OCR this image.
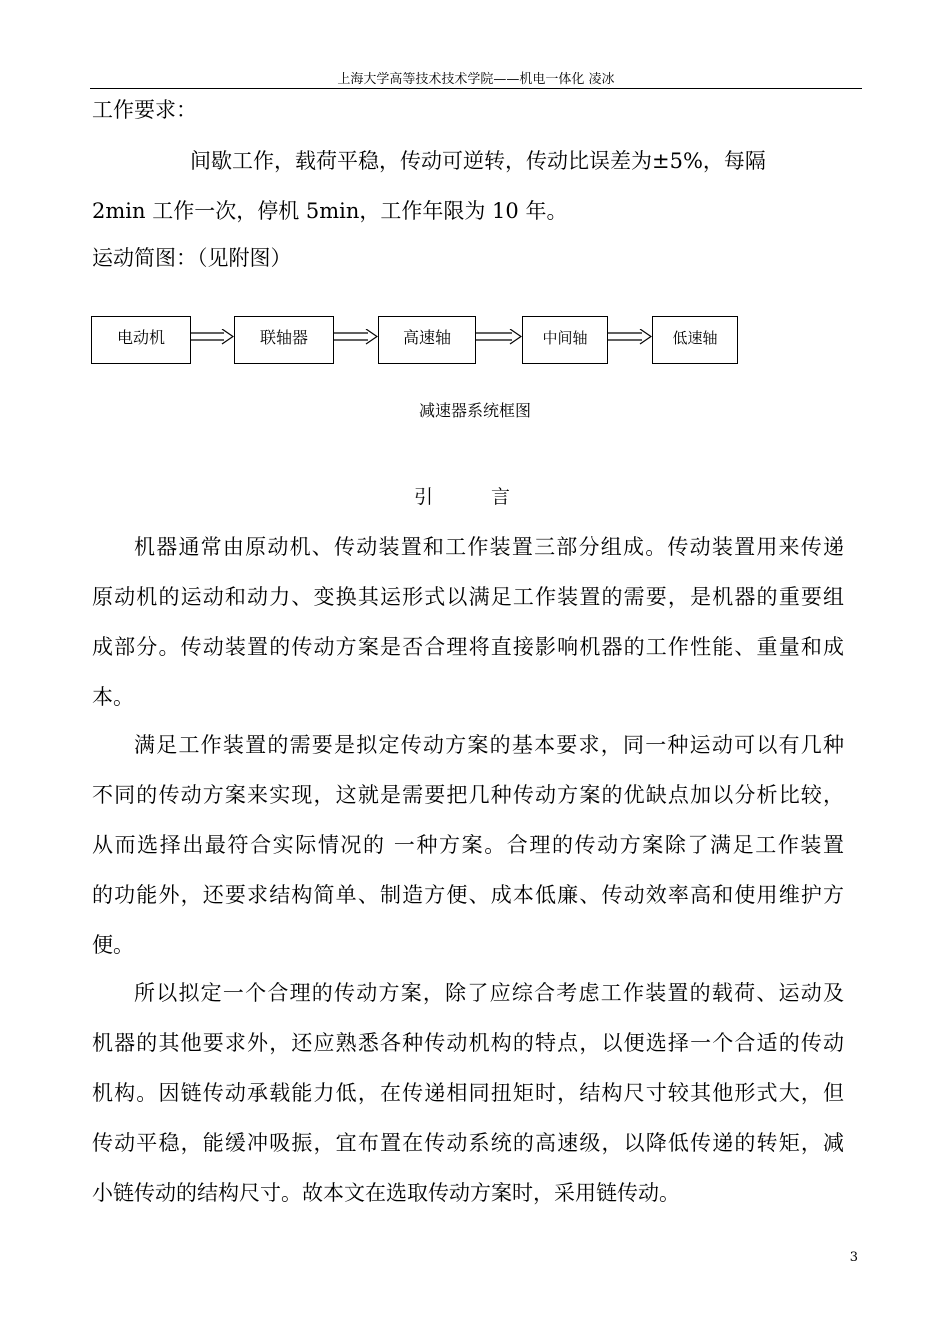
上海大学高等技术技术学院——机电一体化 凌冰
工作要求：
间歇工作，载荷平稳，传动可逆转，传动比误差为±5%，每隔
2min 工作一次，停机 5min，工作年限为 10 年。
运动简图：（见附图）
电动机	联轴器	高速轴	中间轴	低速轴
减速器系统框图
引 言
机器通常由原动机、传动装置和工作装置三部分组成。传动装置用来传递
原动机的运动和动力、变换其运形式以满足工作装置的需要，是机器的重要组
成部分。传动装置的传动方案是否合理将直接影响机器的工作性能、重量和成
本。
满足工作装置的需要是拟定传动方案的基本要求，同一种运动可以有几种
不同的传动方案来实现，这就是需要把几种传动方案的优缺点加以分析比较，
从而选择出最符合实际情况的 一种方案。合理的传动方案除了满足工作装置
的功能外，还要求结构简单、制造方便、成本低廉、传动效率高和使用维护方
便。
所以拟定一个合理的传动方案，除了应综合考虑工作装置的载荷、运动及
机器的其他要求外，还应熟悉各种传动机构的特点，以便选择一个合适的传动
机构。因链传动承载能力低，在传递相同扭矩时，结构尺寸较其他形式大，但
传动平稳，能缓冲吸振，宜布置在传动系统的高速级，以降低传递的转矩，减
小链传动的结构尺寸。故本文在选取传动方案时，采用链传动。
3
